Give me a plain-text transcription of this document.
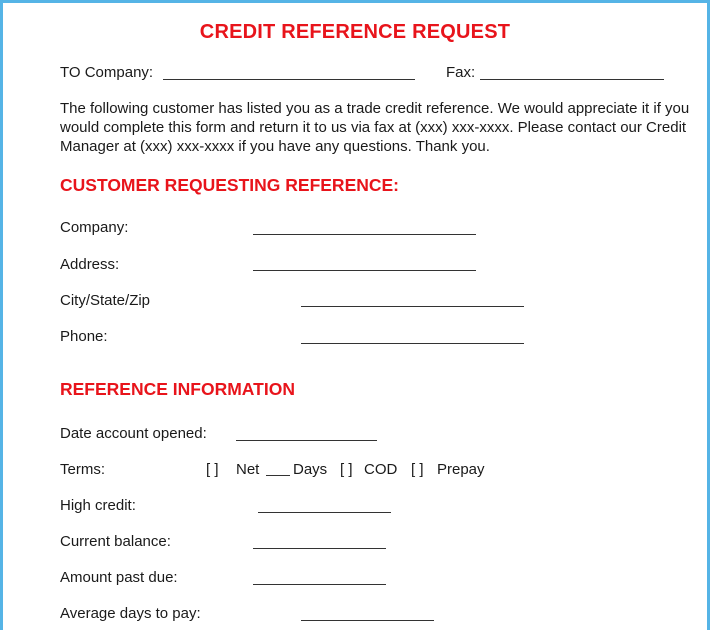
CREDIT REFERENCE REQUEST
TO Company:	Fax:
The following customer has listed you as a trade credit reference. We would appreciate it if you would complete this form and return it to us via fax at (xxx) xxx-xxxx. Please contact our Credit Manager at (xxx) xxx-xxxx if you have any questions. Thank you.
CUSTOMER REQUESTING REFERENCE:
Company:
Address:
City/State/Zip
Phone:
REFERENCE INFORMATION
Date account opened:
Terms:	[ ] Net Days [ ] COD [ ] Prepay
High credit:
Current balance:
Amount past due:
Average days to pay:
